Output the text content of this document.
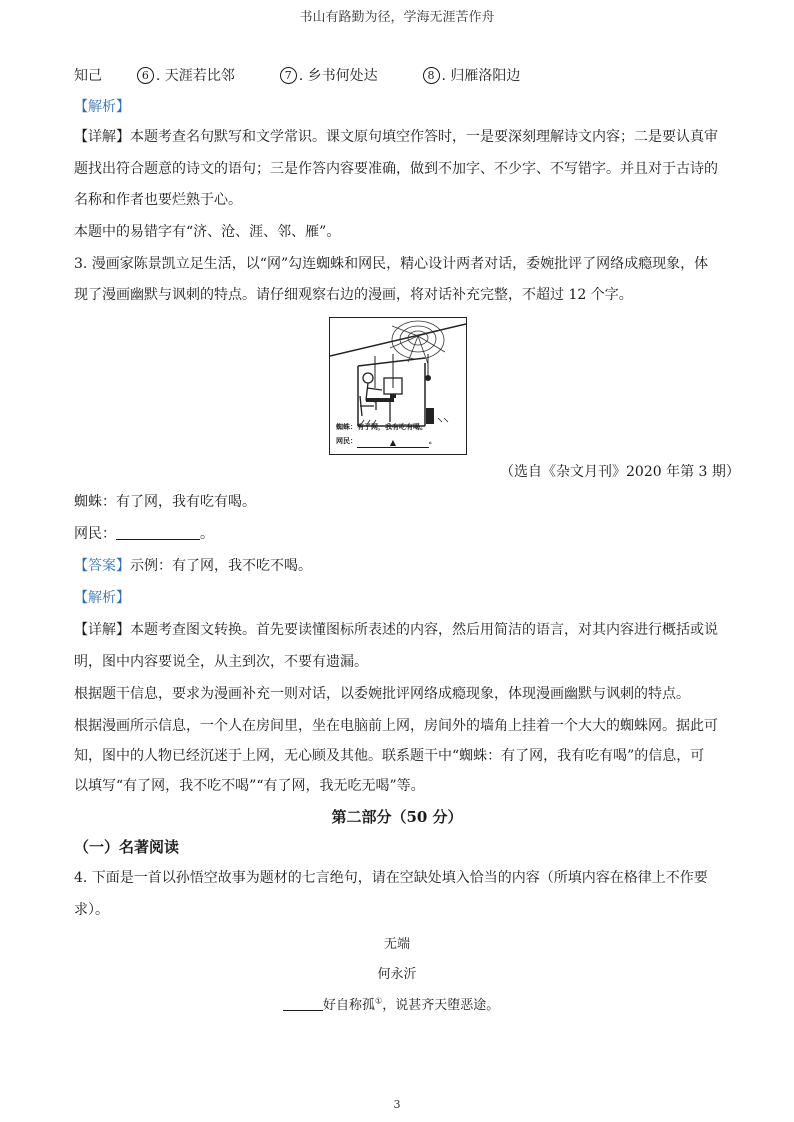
书山有路勤为径，学海无涯苦作舟
知己	6 . 天涯若比邻	7 . 乡书何处达	8 . 归雁洛阳边
【解析】
【详解】本题考查名句默写和文学常识。课文原句填空作答时，一是要深刻理解诗文内容；二是要认真审
题找出符合题意的诗文的语句；三是作答内容要准确，做到不加字、不少字、不写错字。并且对于古诗的
名称和作者也要烂熟于心。
本题中的易错字有“济、沧、涯、邻、雁”。
3. 漫画家陈景凯立足生活，以“网”勾连蜘蛛和网民，精心设计两者对话，委婉批评了网络成瘾现象，体
现了漫画幽默与讽刺的特点。请仔细观察右边的漫画，将对话补充完整，不超过 12 个字。
蜘蛛：有了网，我有吃有喝。
网民：	▲	。
（选自《杂文月刊》2020 年第 3 期）
蜘蛛：有了网，我有吃有喝。
网民：	。
【答案】示例：有了网，我不吃不喝。
【解析】
【详解】本题考查图文转换。首先要读懂图标所表述的内容，然后用简洁的语言，对其内容进行概括或说
明，图中内容要说全，从主到次，不要有遗漏。
根据题干信息，要求为漫画补充一则对话，以委婉批评网络成瘾现象，体现漫画幽默与讽刺的特点。
根据漫画所示信息，一个人在房间里，坐在电脑前上网，房间外的墙角上挂着一个大大的蜘蛛网。据此可
知，图中的人物已经沉迷于上网，无心顾及其他。联系题干中“蜘蛛：有了网，我有吃有喝”的信息，可
以填写“有了网，我不吃不喝”“有了网，我无吃无喝”等。
第二部分（50 分）
（一）名著阅读
4. 下面是一首以孙悟空故事为题材的七言绝句，请在空缺处填入恰当的内容（所填内容在格律上不作要
求）。
无端
何永沂
好自称孤①，说甚齐天堕恶途。
3
